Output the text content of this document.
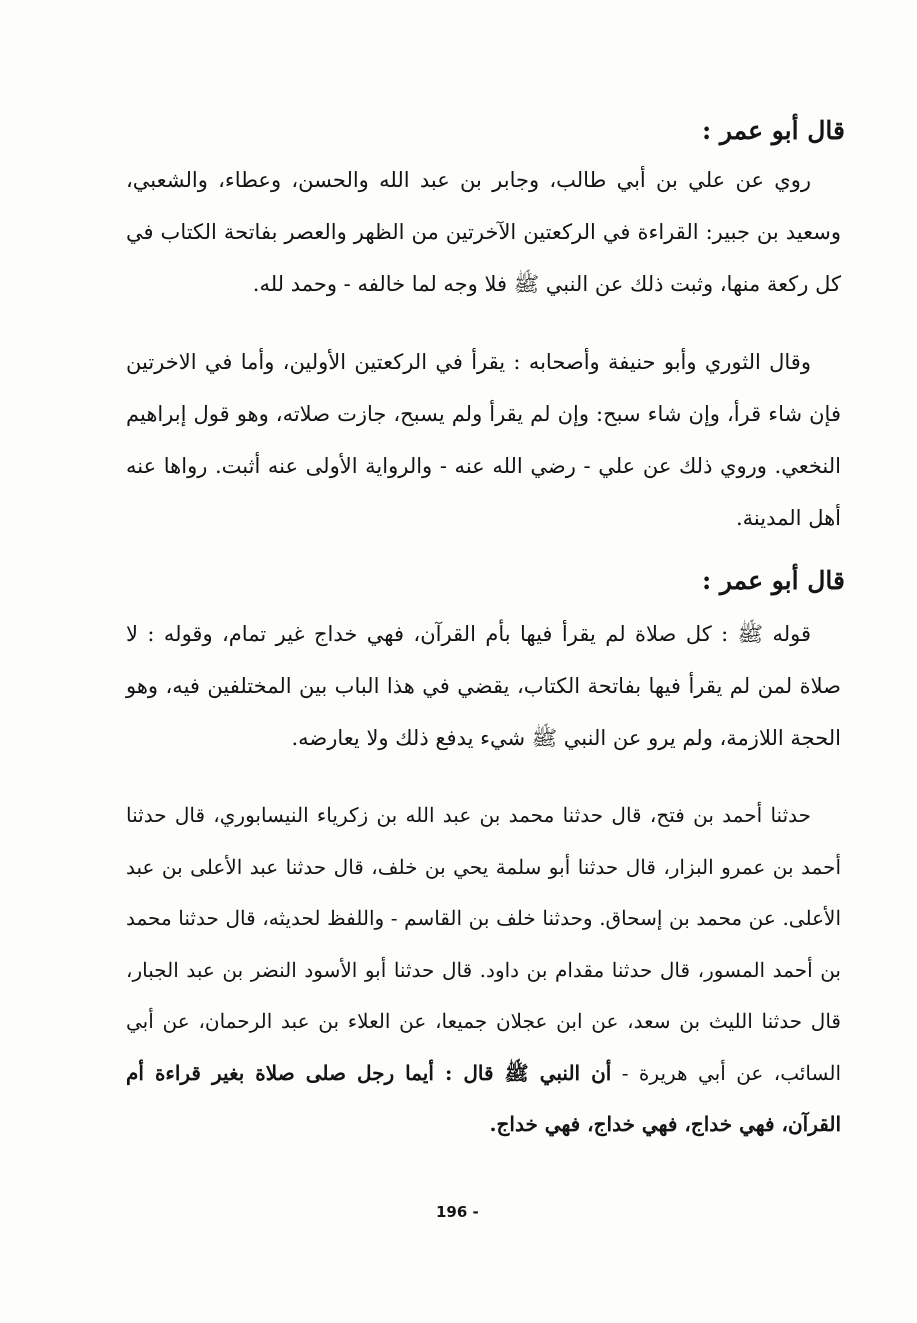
قال أبو عمر :

روي عن علي بن أبي طالب، وجابر بن عبد الله والحسن، وعطاء، والشعبي، وسعيد بن جبير: القراءة في الركعتين الآخرتين من الظهر والعصر بفاتحة الكتاب في كل ركعة منها، وثبت ذلك عن النبي ﷺ فلا وجه لما خالفه - وحمد لله.

وقال الثوري وأبو حنيفة وأصحابه : يقرأ في الركعتين الأولين، وأما في الاخرتين فإن شاء قرأ، وإن شاء سبح: وإن لم يقرأ ولم يسبح، جازت صلاته، وهو قول إبراهيم النخعي. وروي ذلك عن علي - رضي الله عنه - والرواية الأولى عنه أثبت. رواها عنه أهل المدينة.

قال أبو عمر :

قوله ﷺ : كل صلاة لم يقرأ فيها بأم القرآن، فهي خداج غير تمام، وقوله : لا صلاة لمن لم يقرأ فيها بفاتحة الكتاب، يقضي في هذا الباب بين المختلفين فيه، وهو الحجة اللازمة، ولم يرو عن النبي ﷺ شيء يدفع ذلك ولا يعارضه.

حدثنا أحمد بن فتح، قال حدثنا محمد بن عبد الله بن زكرياء النيسابوري، قال حدثنا أحمد بن عمرو البزار، قال حدثنا أبو سلمة يحي بن خلف، قال حدثنا عبد الأعلى بن عبد الأعلى. عن محمد بن إسحاق. وحدثنا خلف بن القاسم - واللفظ لحديثه، قال حدثنا محمد بن أحمد المسور، قال حدثنا مقدام بن داود. قال حدثنا أبو الأسود النضر بن عبد الجبار، قال حدثنا الليث بن سعد، عن ابن عجلان جميعا، عن العلاء بن عبد الرحمان، عن أبي السائب، عن أبي هريرة - أن النبي ﷺ قال : أيما رجل صلى صلاة بغير قراءة أم القرآن، فهي خداج، فهي خداج، فهي خداج.

196 -
